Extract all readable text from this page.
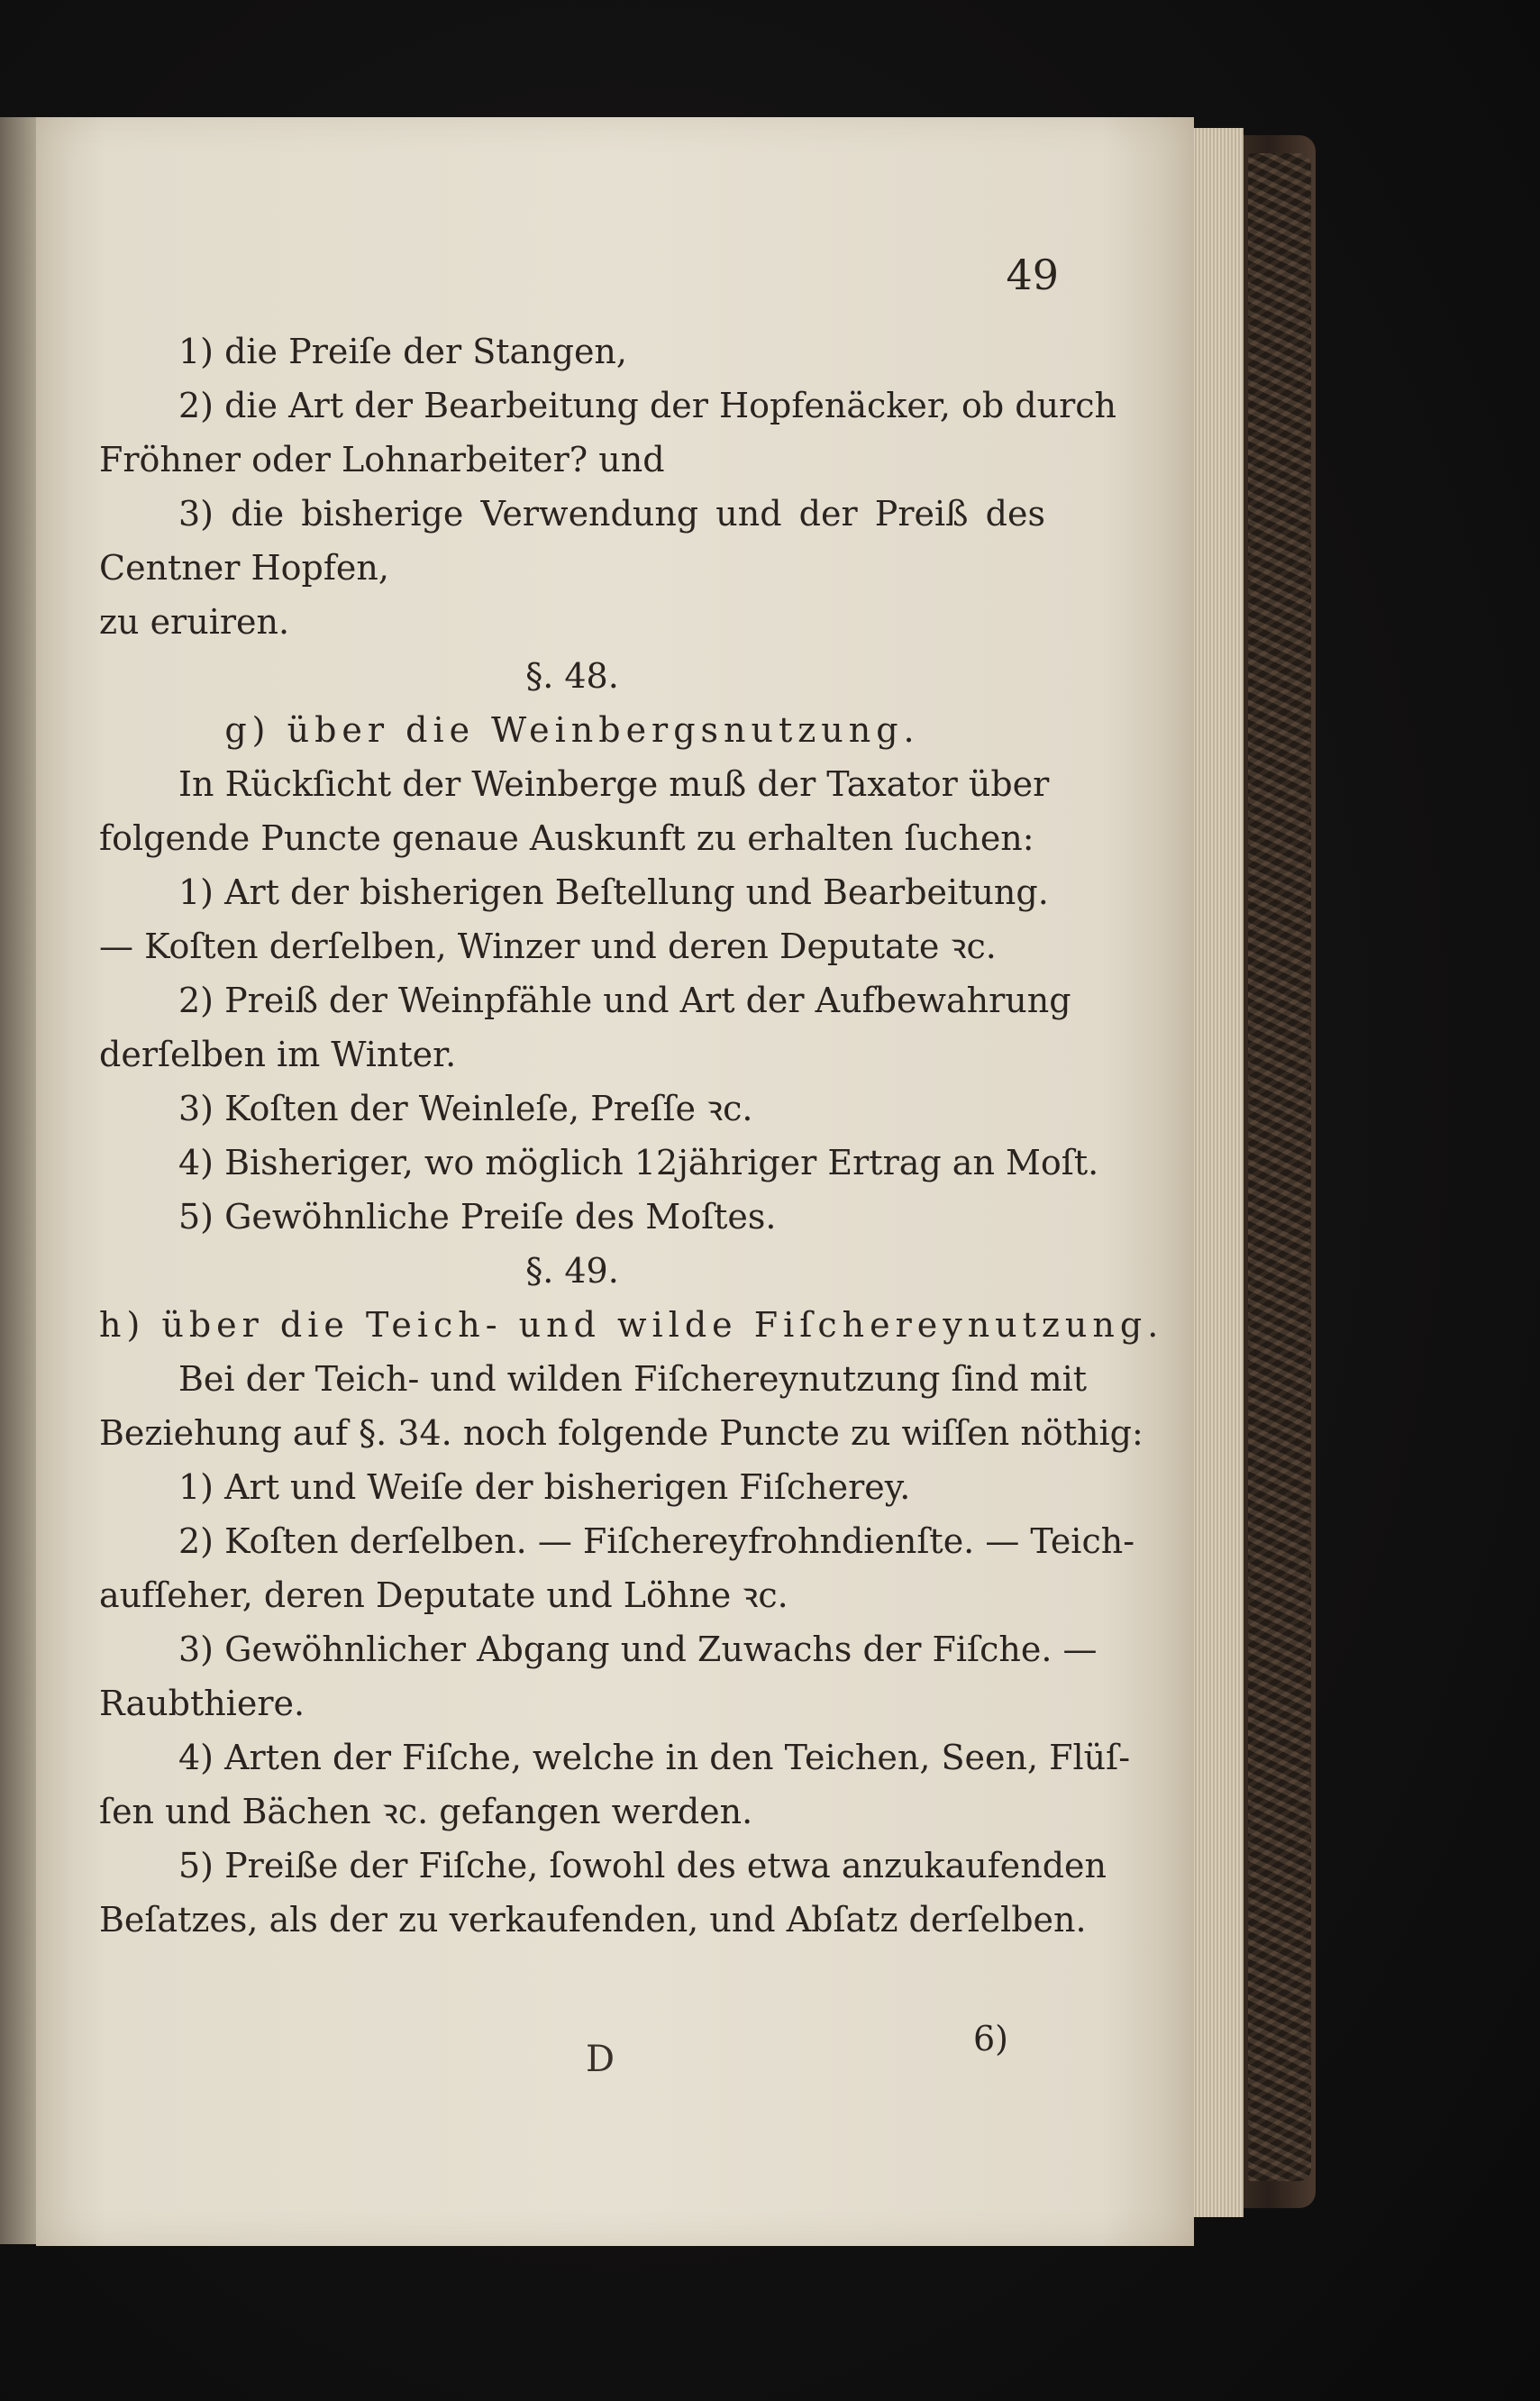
49
1) die Preiſe der Stangen,
2) die Art der Bearbeitung der Hopfenäcker, ob durch
Fröhner oder Lohnarbeiter? und
3) die bisherige Verwendung und der Preiß des
Centner Hopfen,
zu eruiren.
§. 48.
g) über die Weinbergsnutzung.
In Rückſicht der Weinberge muß der Taxator über
folgende Puncte genaue Auskunft zu erhalten ſuchen:
1) Art der bisherigen Beſtellung und Bearbeitung.
— Koſten derſelben, Winzer und deren Deputate ꝛc.
2) Preiß der Weinpfähle und Art der Aufbewahrung
derſelben im Winter.
3) Koſten der Weinleſe, Preſſe ꝛc.
4) Bisheriger, wo möglich 12jähriger Ertrag an Moſt.
5) Gewöhnliche Preiſe des Moſtes.
§. 49.
h) über die Teich- und wilde Fiſchereynutzung.
Bei der Teich- und wilden Fiſchereynutzung ſind mit
Beziehung auf §. 34. noch folgende Puncte zu wiſſen nöthig:
1) Art und Weiſe der bisherigen Fiſcherey.
2) Koſten derſelben. — Fiſchereyfrohndienſte. — Teich-
aufſeher, deren Deputate und Löhne ꝛc.
3) Gewöhnlicher Abgang und Zuwachs der Fiſche. —
Raubthiere.
4) Arten der Fiſche, welche in den Teichen, Seen, Flüſ-
ſen und Bächen ꝛc. gefangen werden.
5) Preiße der Fiſche, ſowohl des etwa anzukaufenden
Beſatzes, als der zu verkaufenden, und Abſatz derſelben.
D	6)
